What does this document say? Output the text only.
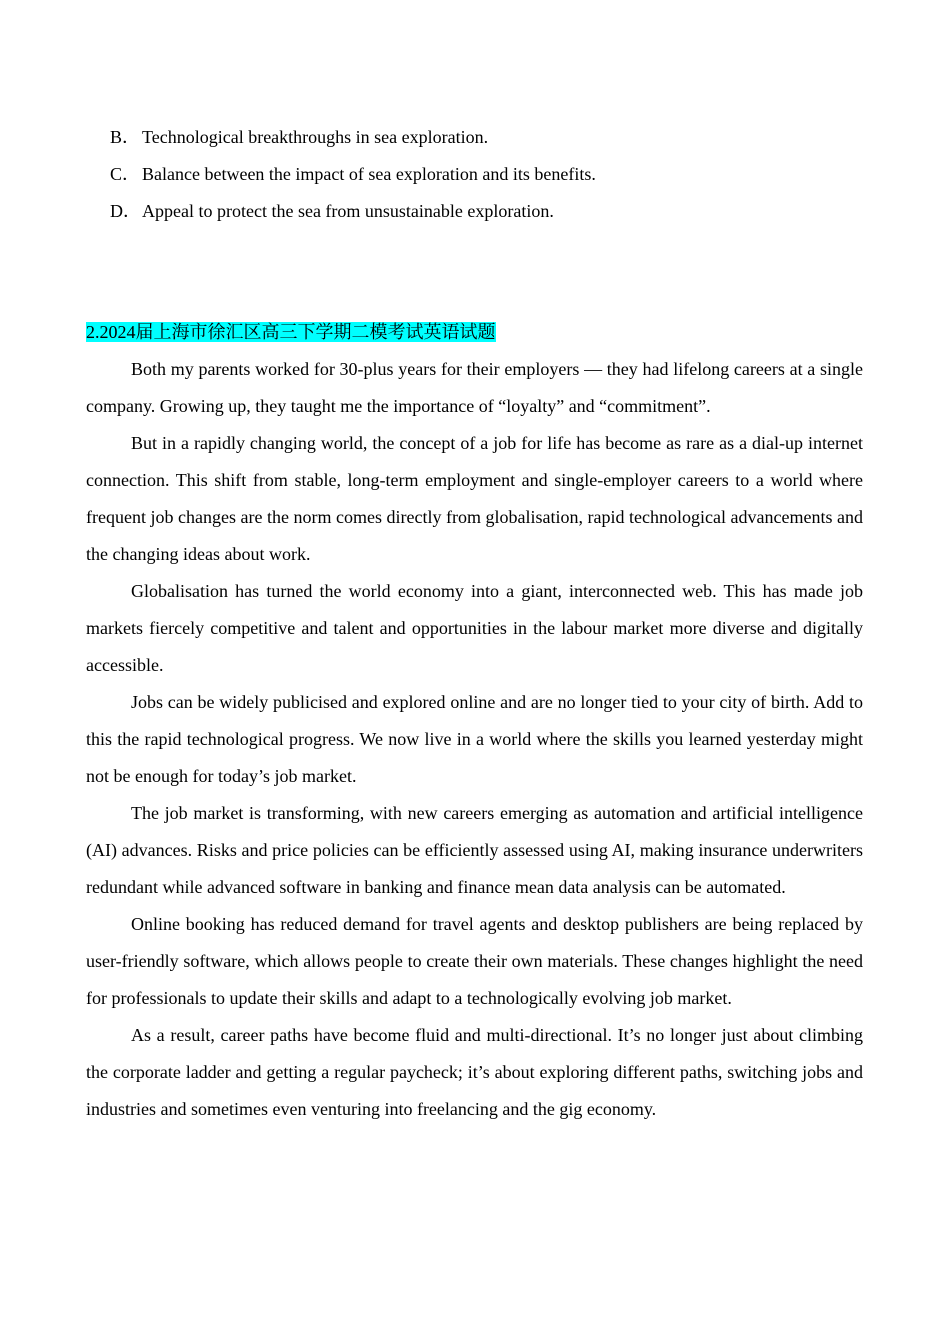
B． Technological breakthroughs in sea exploration.
C． Balance between the impact of sea exploration and its benefits.
D．Appeal to protect the sea from unsustainable exploration.

2.2024届上海市徐汇区高三下学期二模考试英语试题

Both my parents worked for 30-plus years for their employers — they had lifelong careers at a single company. Growing up, they taught me the importance of “loyalty” and “commitment”.

But in a rapidly changing world, the concept of a job for life has become as rare as a dial-up internet connection. This shift from stable, long-term employment and single-employer careers to a world where frequent job changes are the norm comes directly from globalisation, rapid technological advancements and the changing ideas about work.

Globalisation has turned the world economy into a giant, interconnected web. This has made job markets fiercely competitive and talent and opportunities in the labour market more diverse and digitally accessible.

Jobs can be widely publicised and explored online and are no longer tied to your city of birth. Add to this the rapid technological progress. We now live in a world where the skills you learned yesterday might not be enough for today’s job market.

The job market is transforming, with new careers emerging as automation and artificial intelligence (AI) advances. Risks and price policies can be efficiently assessed using AI, making insurance underwriters redundant while advanced software in banking and finance mean data analysis can be automated.

Online booking has reduced demand for travel agents and desktop publishers are being replaced by user-friendly software, which allows people to create their own materials. These changes highlight the need for professionals to update their skills and adapt to a technologically evolving job market.

As a result, career paths have become fluid and multi-directional. It’s no longer just about climbing the corporate ladder and getting a regular paycheck; it’s about exploring different paths, switching jobs and industries and sometimes even venturing into freelancing and the gig economy.
